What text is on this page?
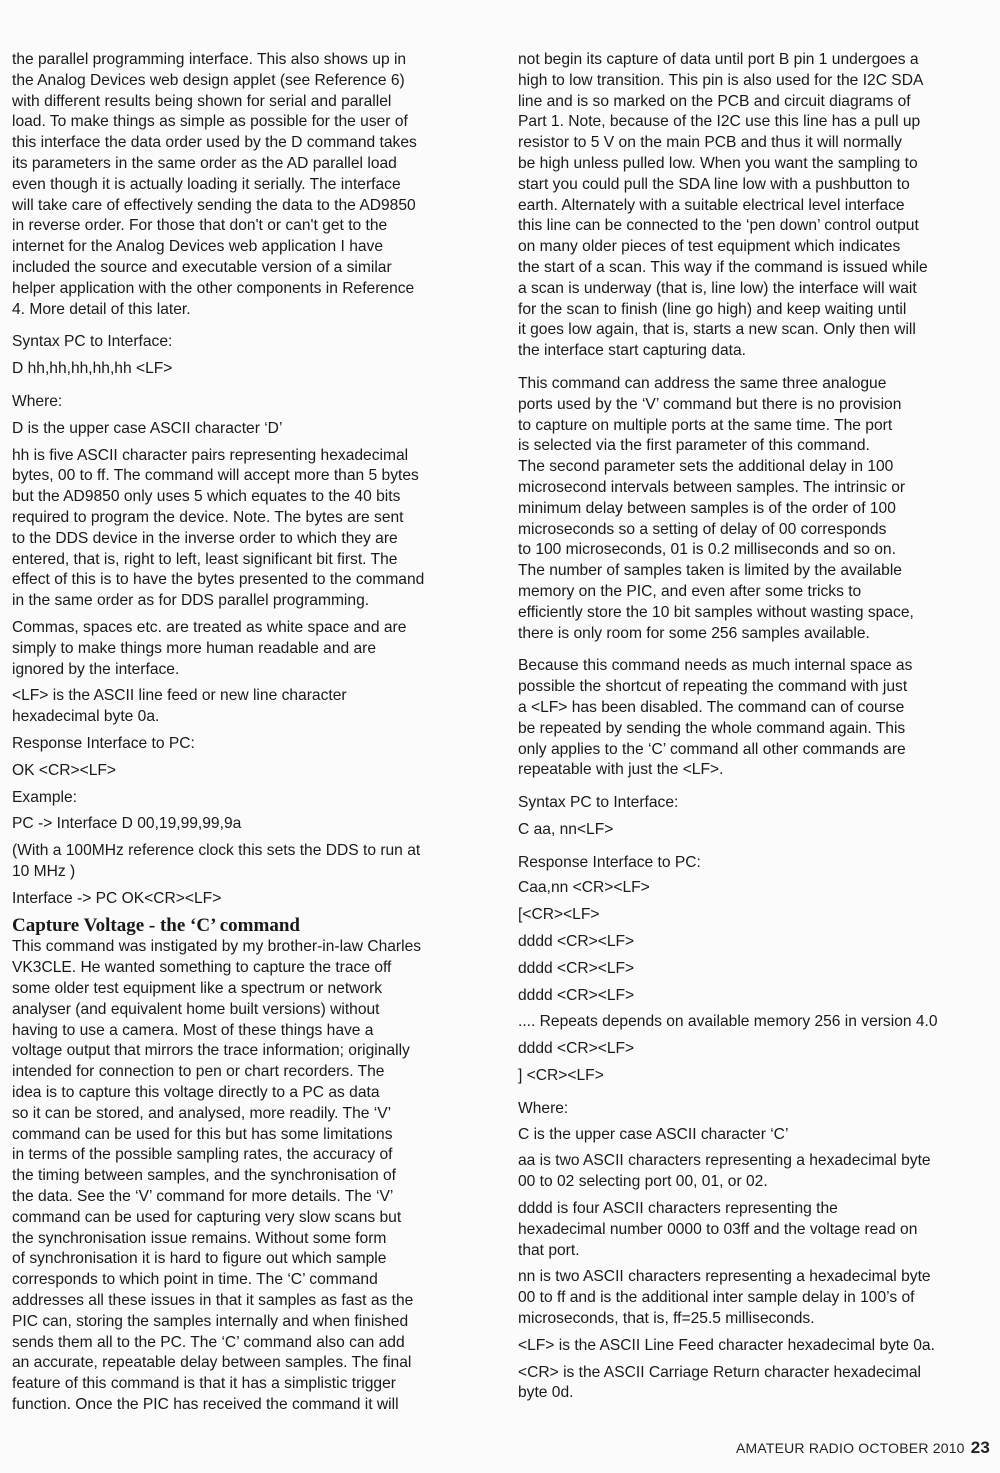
the parallel programming interface. This also shows up in
the Analog Devices web design applet (see Reference 6)
with different results being shown for serial and parallel
load. To make things as simple as possible for the user of
this interface the data order used by the D command takes
its parameters in the same order as the AD parallel load
even though it is actually loading it serially. The interface
will take care of effectively sending the data to the AD9850
in reverse order. For those that don't or can't get to the
internet for the Analog Devices web application I have
included the source and executable version of a similar
helper application with the other components in Reference
4. More detail of this later.

Syntax PC to Interface:

D hh,hh,hh,hh,hh <LF>

Where:

D is the upper case ASCII character ‘D’

hh is five ASCII character pairs representing hexadecimal
bytes, 00 to ff. The command will accept more than 5 bytes
but the AD9850 only uses 5 which equates to the 40 bits
required to program the device. Note. The bytes are sent
to the DDS device in the inverse order to which they are
entered, that is, right to left, least significant bit first. The
effect of this is to have the bytes presented to the command
in the same order as for DDS parallel programming.

Commas, spaces etc. are treated as white space and are
simply to make things more human readable and are
ignored by the interface.

<LF> is the ASCII line feed or new line character
hexadecimal byte 0a.

Response Interface to PC:

OK <CR><LF>

Example:

PC -> Interface D 00,19,99,99,9a

(With a 100MHz reference clock this sets the DDS to run at
10 MHz )

Interface -> PC OK<CR><LF>

Capture Voltage - the ‘C’ command

This command was instigated by my brother-in-law Charles
VK3CLE. He wanted something to capture the trace off
some older test equipment like a spectrum or network
analyser (and equivalent home built versions) without
having to use a camera. Most of these things have a
voltage output that mirrors the trace information; originally
intended for connection to pen or chart recorders. The
idea is to capture this voltage directly to a PC as data
so it can be stored, and analysed, more readily. The ‘V’
command can be used for this but has some limitations
in terms of the possible sampling rates, the accuracy of
the timing between samples, and the synchronisation of
the data. See the ‘V’ command for more details. The ‘V’
command can be used for capturing very slow scans but
the synchronisation issue remains. Without some form
of synchronisation it is hard to figure out which sample
corresponds to which point in time. The ‘C’ command
addresses all these issues in that it samples as fast as the
PIC can, storing the samples internally and when finished
sends them all to the PC. The ‘C’ command also can add
an accurate, repeatable delay between samples. The final
feature of this command is that it has a simplistic trigger
function. Once the PIC has received the command it will

not begin its capture of data until port B pin 1 undergoes a
high to low transition. This pin is also used for the I2C SDA
line and is so marked on the PCB and circuit diagrams of
Part 1. Note, because of the I2C use this line has a pull up
resistor to 5 V on the main PCB and thus it will normally
be high unless pulled low. When you want the sampling to
start you could pull the SDA line low with a pushbutton to
earth. Alternately with a suitable electrical level interface
this line can be connected to the ‘pen down’ control output
on many older pieces of test equipment which indicates
the start of a scan. This way if the command is issued while
a scan is underway (that is, line low) the interface will wait
for the scan to finish (line go high) and keep waiting until
it goes low again, that is, starts a new scan. Only then will
the interface start capturing data.

This command can address the same three analogue
ports used by the ‘V’ command but there is no provision
to capture on multiple ports at the same time. The port
is selected via the first parameter of this command.
The second parameter sets the additional delay in 100
microsecond intervals between samples. The intrinsic or
minimum delay between samples is of the order of 100
microseconds so a setting of delay of 00 corresponds
to 100 microseconds, 01 is 0.2 milliseconds and so on.
The number of samples taken is limited by the available
memory on the PIC, and even after some tricks to
efficiently store the 10 bit samples without wasting space,
there is only room for some 256 samples available.

Because this command needs as much internal space as
possible the shortcut of repeating the command with just
a <LF> has been disabled. The command can of course
be repeated by sending the whole command again. This
only applies to the ‘C’ command all other commands are
repeatable with just the <LF>.

Syntax PC to Interface:

C aa, nn<LF>

Response Interface to PC:

Caa,nn <CR><LF>

[<CR><LF>

dddd <CR><LF>

dddd <CR><LF>

dddd <CR><LF>

.... Repeats depends on available memory 256 in version 4.0

dddd <CR><LF>

] <CR><LF>

Where:

C is the upper case ASCII character ‘C’

aa is two ASCII characters representing a hexadecimal byte
00 to 02 selecting port 00, 01, or 02.

dddd is four ASCII characters representing the
hexadecimal number 0000 to 03ff and the voltage read on
that port.

nn is two ASCII characters representing a hexadecimal byte
00 to ff and is the additional inter sample delay in 100’s of
microseconds, that is, ff=25.5 milliseconds.

<LF> is the ASCII Line Feed character hexadecimal byte 0a.

<CR> is the ASCII Carriage Return character hexadecimal
byte 0d.

AMATEUR RADIO OCTOBER 2010 23
